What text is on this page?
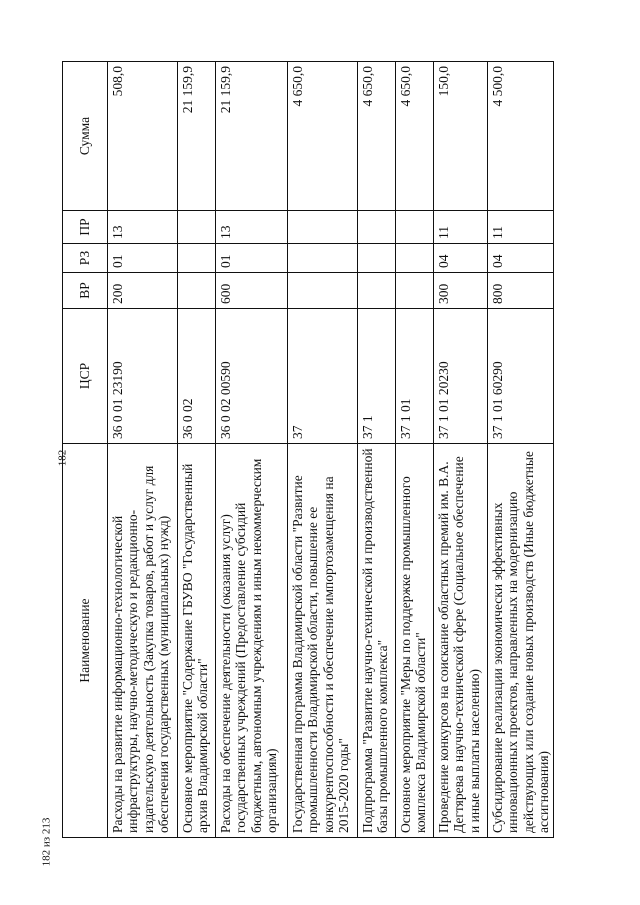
182
182 из 213
Наименование	ЦСР	ВР	РЗ	ПР	Сумма
Расходы на развитие информационно-технологической инфраструктуры, научно-методическую и редакционно-издательскую деятельность (Закупка товаров, работ и услуг для обеспечения государственных (муниципальных) нужд)	36 0 01 23190	200	01	13	508,0
Основное мероприятие "Содержание ГБУВО "Государственный архив Владимирской области"	36 0 02				21 159,9
Расходы на обеспечение деятельности (оказания услуг) государственных учреждений (Предоставление субсидий бюджетным, автономным учреждениям и иным некоммерческим организациям)	36 0 02 00590	600	01	13	21 159,9
Государственная программа Владимирской области "Развитие промышленности Владимирской области, повышение ее конкурентоспособности и обеспечение импортозамещения на 2015-2020 годы"	37				4 650,0
Подпрограмма "Развитие научно-технической и производственной базы промышленного комплекса"	37 1				4 650,0
Основное мероприятие "Меры по поддержке промышленного комплекса Владимирской области"	37 1 01				4 650,0
Проведение конкурсов на соискание областных премий им. В.А. Дегтярева в научно-технической сфере (Социальное обеспечение и иные выплаты населению)	37 1 01 20230	300	04	11	150,0
Субсидирование реализации экономически эффективных инновационных проектов, направленных на модернизацию действующих или создание новых производств (Иные бюджетные ассигнования)	37 1 01 60290	800	04	11	4 500,0
